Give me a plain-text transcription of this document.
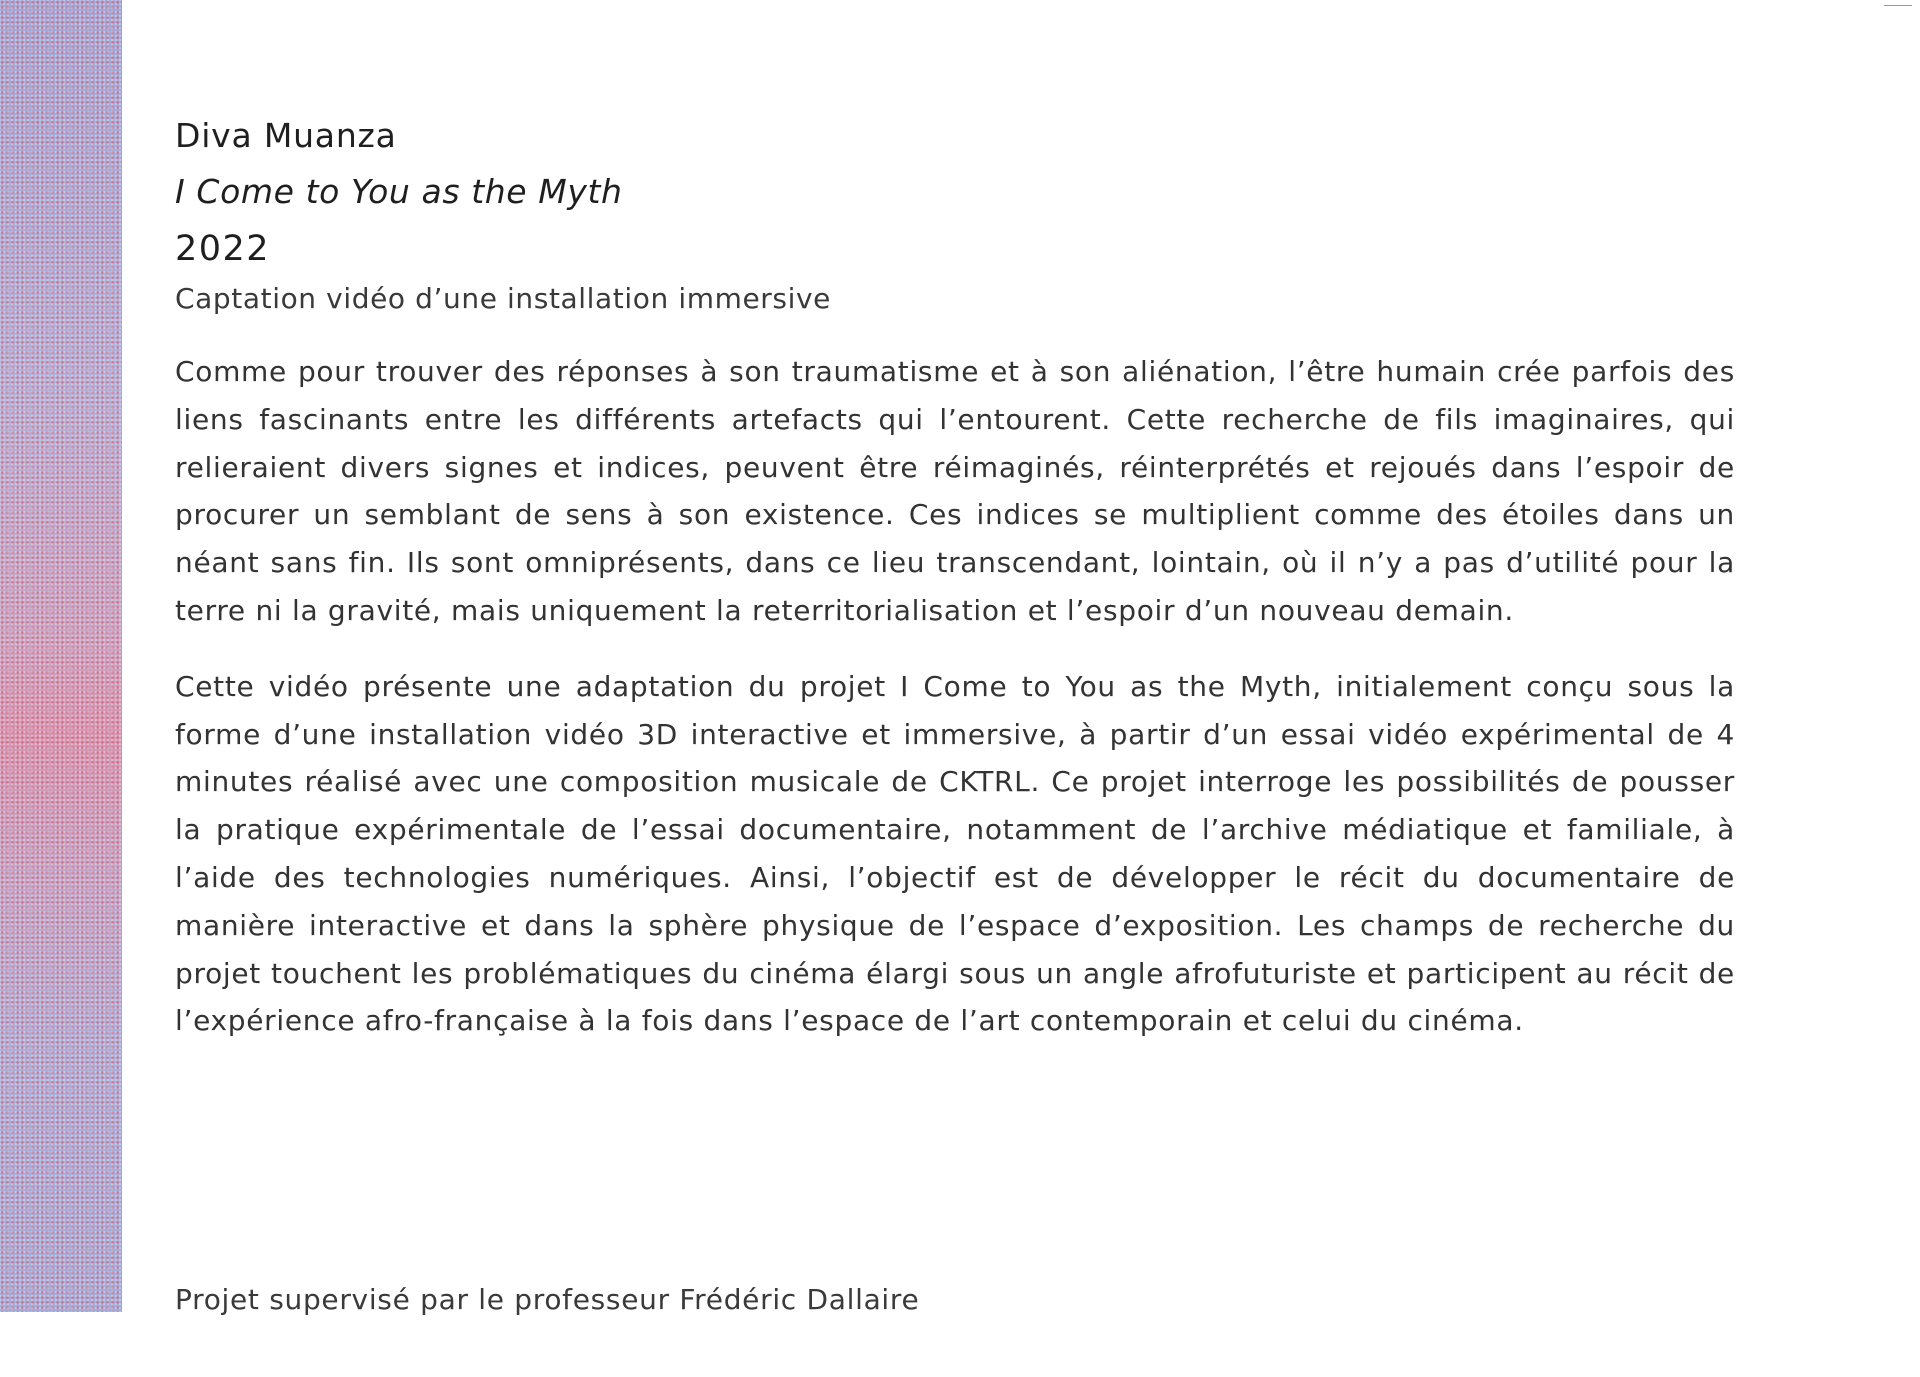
Diva Muanza
I Come to You as the Myth
2022
Captation vidéo d’une installation immersive

Comme pour trouver des réponses à son traumatisme et à son aliénation, l’être humain crée parfois des liens fascinants entre les différents artefacts qui l’entourent. Cette recherche de fils imaginaires, qui relieraient divers signes et indices, peuvent être réimaginés, réinterprétés et rejoués dans l’espoir de procurer un semblant de sens à son existence. Ces indices se multiplient comme des étoiles dans un néant sans fin. Ils sont omniprésents, dans ce lieu transcendant, lointain, où il n’y a pas d’utilité pour la terre ni la gravité, mais uniquement la reterritorialisation et l’espoir d’un nouveau demain.

Cette vidéo présente une adaptation du projet I Come to You as the Myth, initialement conçu sous la forme d’une installation vidéo 3D interactive et immersive, à partir d’un essai vidéo expérimental de 4 minutes réalisé avec une composition musicale de CKTRL. Ce projet interroge les possibilités de pousser la pratique expérimentale de l’essai documentaire, notamment de l’archive médiatique et familiale, à l’aide des technologies numériques. Ainsi, l’objectif est de développer le récit du documentaire de manière interactive et dans la sphère physique de l’espace d’exposition. Les champs de recherche du projet touchent les problématiques du cinéma élargi sous un angle afrofuturiste et participent au récit de l’expérience afro-française à la fois dans l’espace de l’art contemporain et celui du cinéma.

Projet supervisé par le professeur Frédéric Dallaire
